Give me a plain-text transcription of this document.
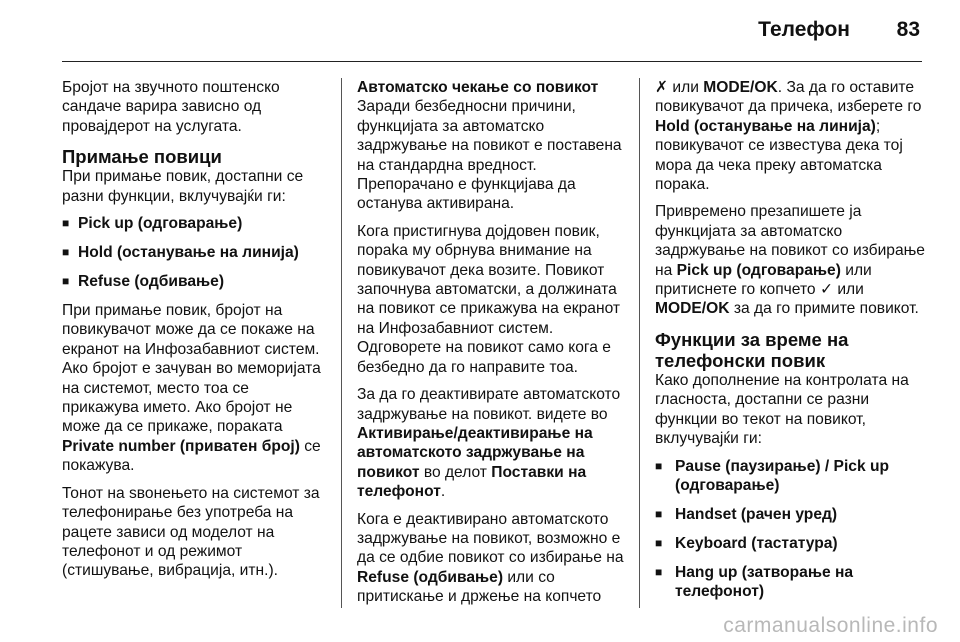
Телефон 83

Бројот на звучното поштенско сандаче варира зависно од провајдерот на услугата.

Примање повици

При примање повик, достапни се разни функции, вклучувајќи ги:

■ Pick up (одговарање)
■ Hold (останување на линија)
■ Refuse (одбивање)

При примање повик, бројот на повикувачот може да се покаже на екранот на Инфозабавниот систем. Ако бројот е зачуван во меморијата на системот, место тоа се прикажува името. Ако бројот не може да се прикаже, пораката Private number (приватен број) се покажува.

Тонот на ѕвонењето на системот за телефонирање без употреба на рацете зависи од моделот на телефонот и од режимот (стишување, вибрација, итн.).

Автоматско чекање со повикот

Заради безбедносни причини, функцијата за автоматско задржување на повикот е поставена на стандардна вредност. Препорачано е функцијава да останува активирана.

Кога пристигнува дојдовен повик, пораka му обрнува внимание на повикувачот дека возите. Повикот започнува автоматски, а должината на повикот се прикажува на екранот на Инфозабавниот систем. Одговорете на повикот само кога е безбедно да го направите тоа.

За да го деактивирате автоматското задржување на повикот. видете во Активирање/деактивирање на автоматското задржување на повикот во делот Поставки на телефонот.

Кога е деактивирано автоматското задржување на повикот, возможно е да се одбие повикот со избирање на Refuse (одбивање) или со притискање и држење на копчето

✗ или MODE/OK. За да го оставите повикувачот да причека, изберете го Hold (останување на линија); повикувачот се известува дека тој мора да чека преку автоматска порака.

Привремено презапишете ја функцијата за автоматско задржување на повикот со избирање на Pick up (одговарање) или притиснете го копчето ✓ или MODE/OK за да го примите повикот.

Функции за време на телефонски повик

Како дополнение на контролата на гласноста, достапни се разни функции во текот на повикот, вклучувајќи ги:

■ Pause (паузирање) / Pick up (одговарање)
■ Handset (рачен уред)
■ Keyboard (тастатура)
■ Hang up (затворање на телефонот)
carmanualsonline.info
